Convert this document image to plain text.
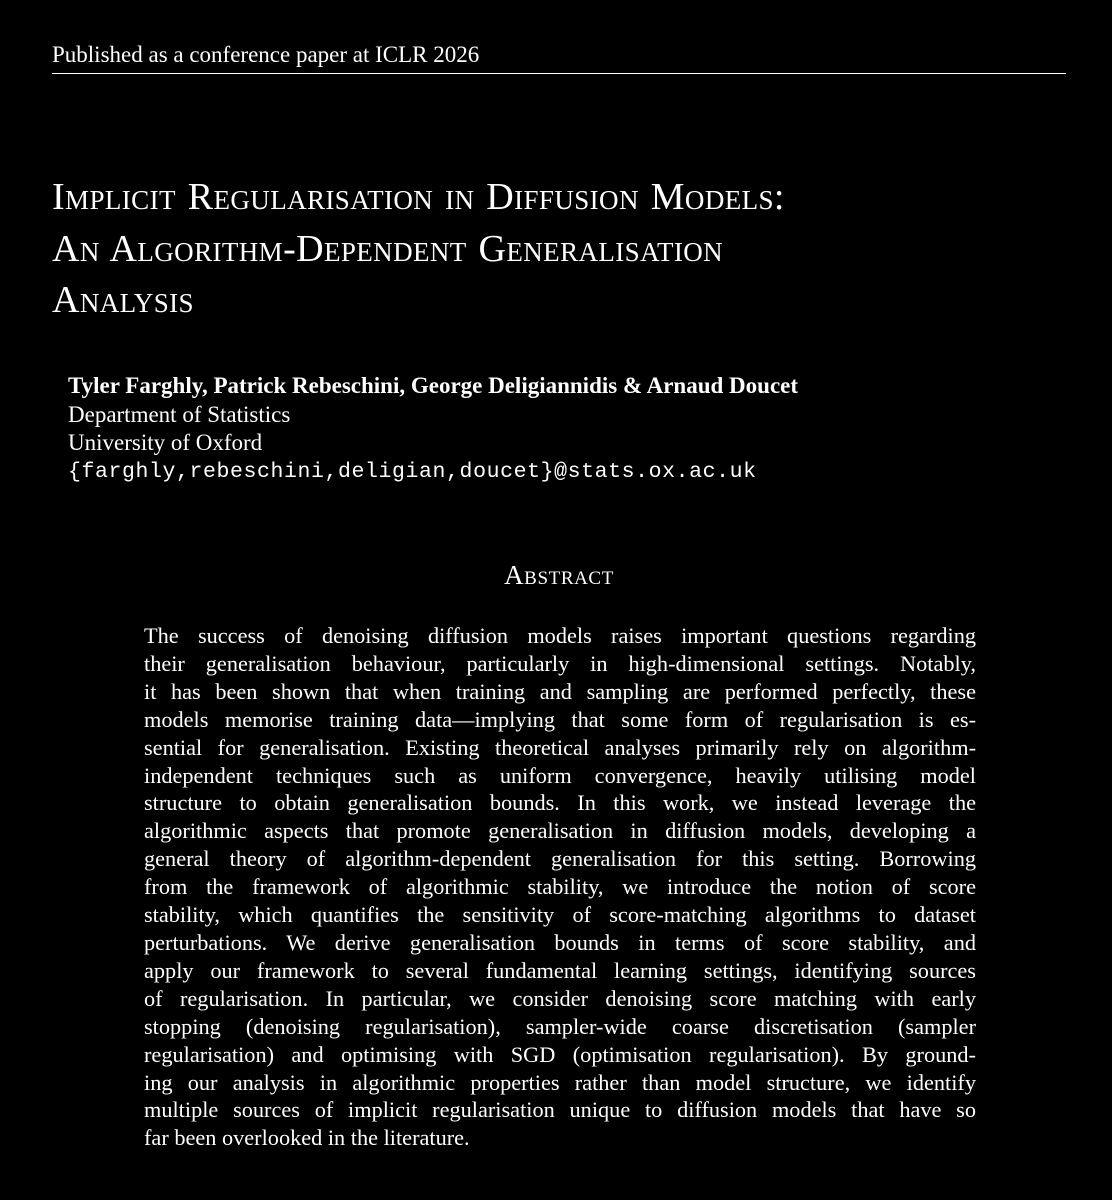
Published as a conference paper at ICLR 2026
Implicit Regularisation in Diffusion Models:
An Algorithm-Dependent Generalisation
Analysis
Tyler Farghly, Patrick Rebeschini, George Deligiannidis & Arnaud Doucet
Department of Statistics
University of Oxford
{farghly,rebeschini,deligian,doucet}@stats.ox.ac.uk
Abstract
The success of denoising diffusion models raises important questions regarding
their generalisation behaviour, particularly in high-dimensional settings. Notably,
it has been shown that when training and sampling are performed perfectly, these
models memorise training data—implying that some form of regularisation is es-
sential for generalisation. Existing theoretical analyses primarily rely on algorithm-
independent techniques such as uniform convergence, heavily utilising model
structure to obtain generalisation bounds. In this work, we instead leverage the
algorithmic aspects that promote generalisation in diffusion models, developing a
general theory of algorithm-dependent generalisation for this setting. Borrowing
from the framework of algorithmic stability, we introduce the notion of score
stability, which quantifies the sensitivity of score-matching algorithms to dataset
perturbations. We derive generalisation bounds in terms of score stability, and
apply our framework to several fundamental learning settings, identifying sources
of regularisation. In particular, we consider denoising score matching with early
stopping (denoising regularisation), sampler-wide coarse discretisation (sampler
regularisation) and optimising with SGD (optimisation regularisation). By ground-
ing our analysis in algorithmic properties rather than model structure, we identify
multiple sources of implicit regularisation unique to diffusion models that have so
far been overlooked in the literature.
